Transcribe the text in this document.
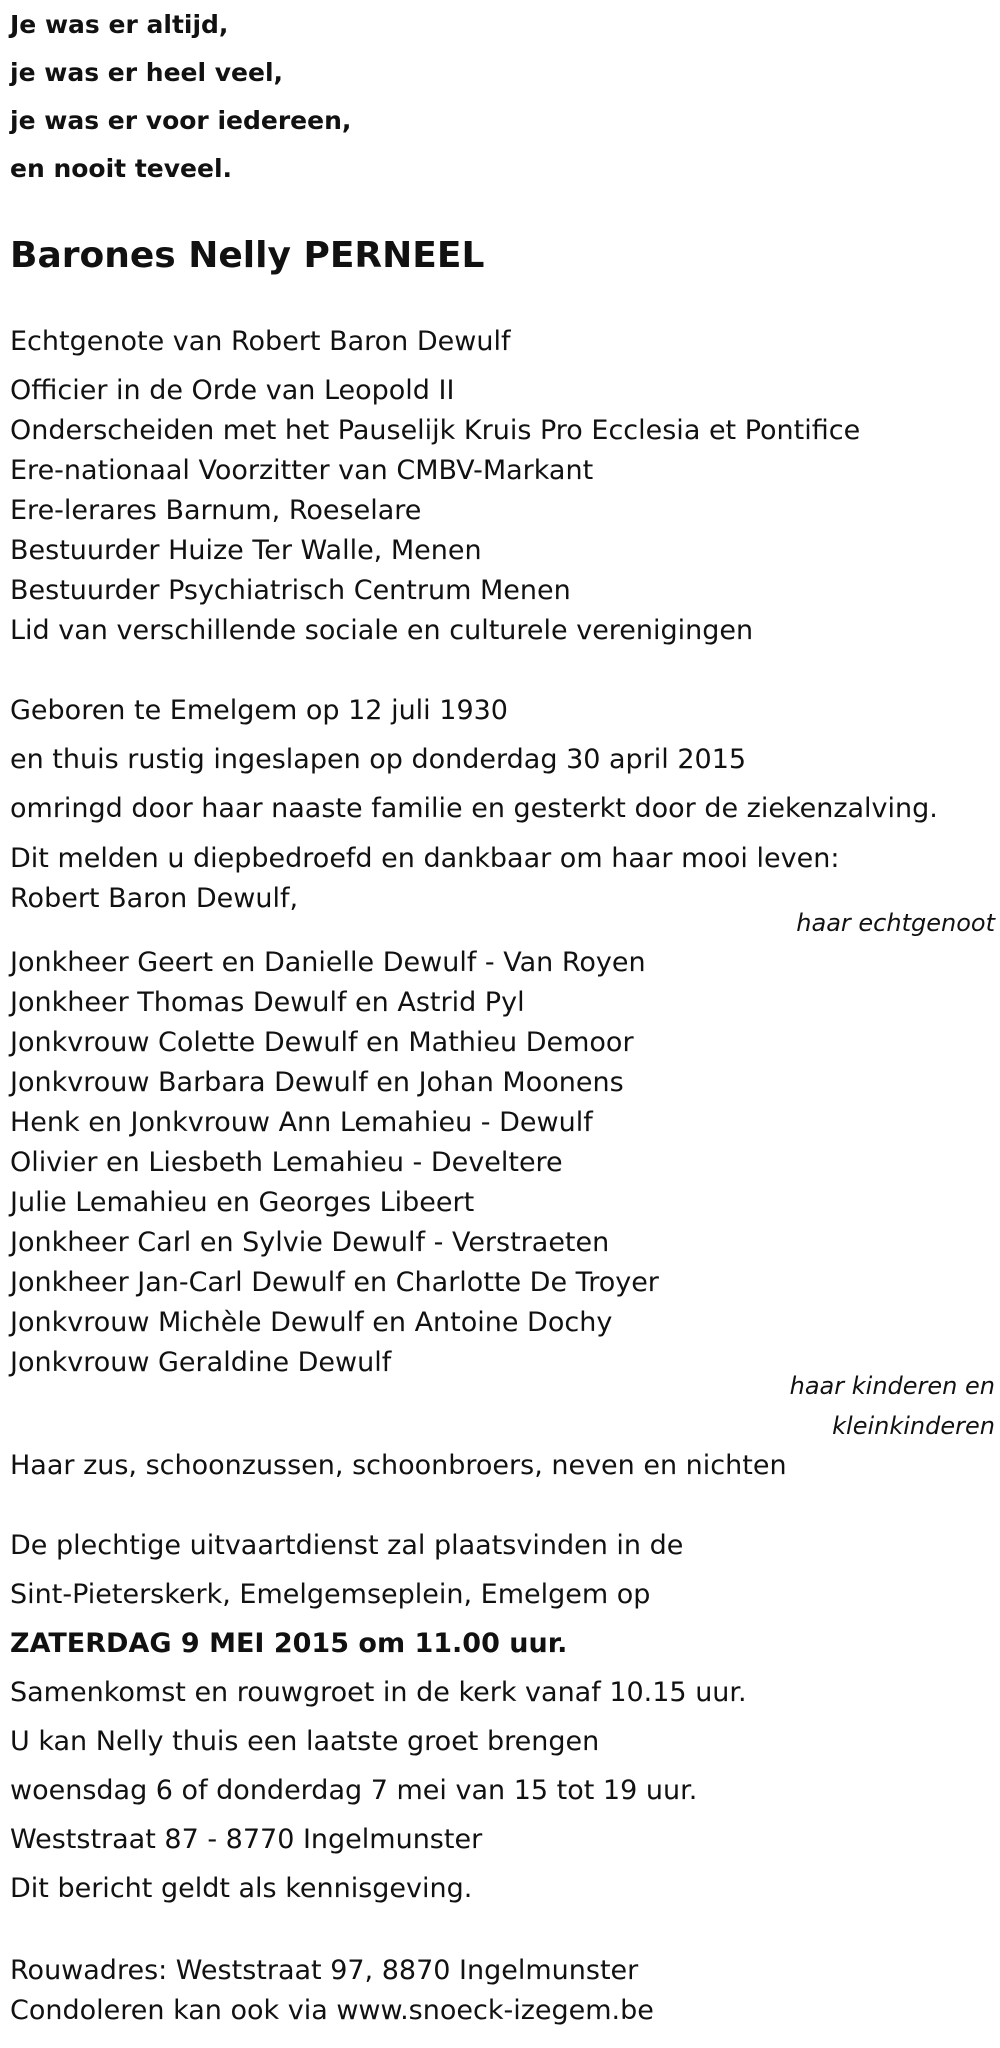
Je was er altijd,
je was er heel veel,
je was er voor iedereen,
en nooit teveel.
Barones Nelly PERNEEL
Echtgenote van Robert Baron Dewulf
Officier in de Orde van Leopold II
Onderscheiden met het Pauselijk Kruis Pro Ecclesia et Pontifice
Ere-nationaal Voorzitter van CMBV-Markant
Ere-lerares Barnum, Roeselare
Bestuurder Huize Ter Walle, Menen
Bestuurder Psychiatrisch Centrum Menen
Lid van verschillende sociale en culturele verenigingen
Geboren te Emelgem op 12 juli 1930
en thuis rustig ingeslapen op donderdag 30 april 2015
omringd door haar naaste familie en gesterkt door de ziekenzalving.
Dit melden u diepbedroefd en dankbaar om haar mooi leven:
Robert Baron Dewulf,
haar echtgenoot
Jonkheer Geert en Danielle Dewulf - Van Royen
Jonkheer Thomas Dewulf en Astrid Pyl
Jonkvrouw Colette Dewulf en Mathieu Demoor
Jonkvrouw Barbara Dewulf en Johan Moonens
Henk en Jonkvrouw Ann Lemahieu - Dewulf
Olivier en Liesbeth Lemahieu - Develtere
Julie Lemahieu en Georges Libeert
Jonkheer Carl en Sylvie Dewulf - Verstraeten
Jonkheer Jan-Carl Dewulf en Charlotte De Troyer
Jonkvrouw Michèle Dewulf en Antoine Dochy
Jonkvrouw Geraldine Dewulf
haar kinderen en
kleinkinderen
Haar zus, schoonzussen, schoonbroers, neven en nichten
De plechtige uitvaartdienst zal plaatsvinden in de
Sint-Pieterskerk, Emelgemseplein, Emelgem op
ZATERDAG 9 MEI 2015 om 11.00 uur.
Samenkomst en rouwgroet in de kerk vanaf 10.15 uur.
U kan Nelly thuis een laatste groet brengen
woensdag 6 of donderdag 7 mei van 15 tot 19 uur.
Weststraat 87 - 8770 Ingelmunster
Dit bericht geldt als kennisgeving.
Rouwadres: Weststraat 97, 8870 Ingelmunster
Condoleren kan ook via www.snoeck-izegem.be
